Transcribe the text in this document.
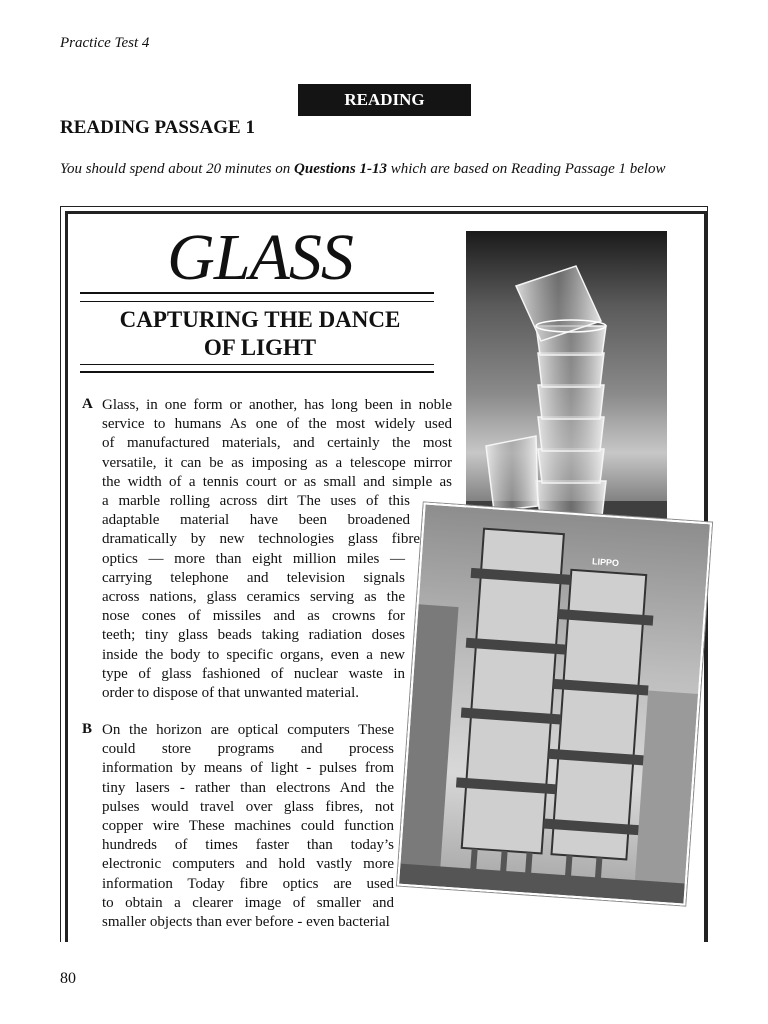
Practice Test 4
READING
READING PASSAGE 1
You should spend about 20 minutes on Questions 1-13 which are based on Reading Passage 1 below
GLASS
CAPTURING THE DANCE
OF LIGHT
LIPPO
A Glass, in one form or another, has long been in noble
service to humans As one of the most widely used
of manufactured materials, and certainly the most
versatile, it can be as imposing as a telescope mirror
the width of a tennis court or as small and simple as
a marble rolling across dirt The uses of this
adaptable material have been broadened
dramatically by new technologies glass fibre
optics — more than eight million miles —
carrying telephone and television signals
across nations, glass ceramics serving as the
nose cones of missiles and as crowns for
teeth; tiny glass beads taking radiation doses
inside the body to specific organs, even a new
type of glass fashioned of nuclear waste in
order to dispose of that unwanted material.
B On the horizon are optical computers These
could store programs and process
information by means of light - pulses from
tiny lasers - rather than electrons And the
pulses would travel over glass fibres, not
copper wire These machines could function
hundreds of times faster than today’s
electronic computers and hold vastly more
information Today fibre optics are used
to obtain a clearer image of smaller and
smaller objects than ever before - even bacterial
80
